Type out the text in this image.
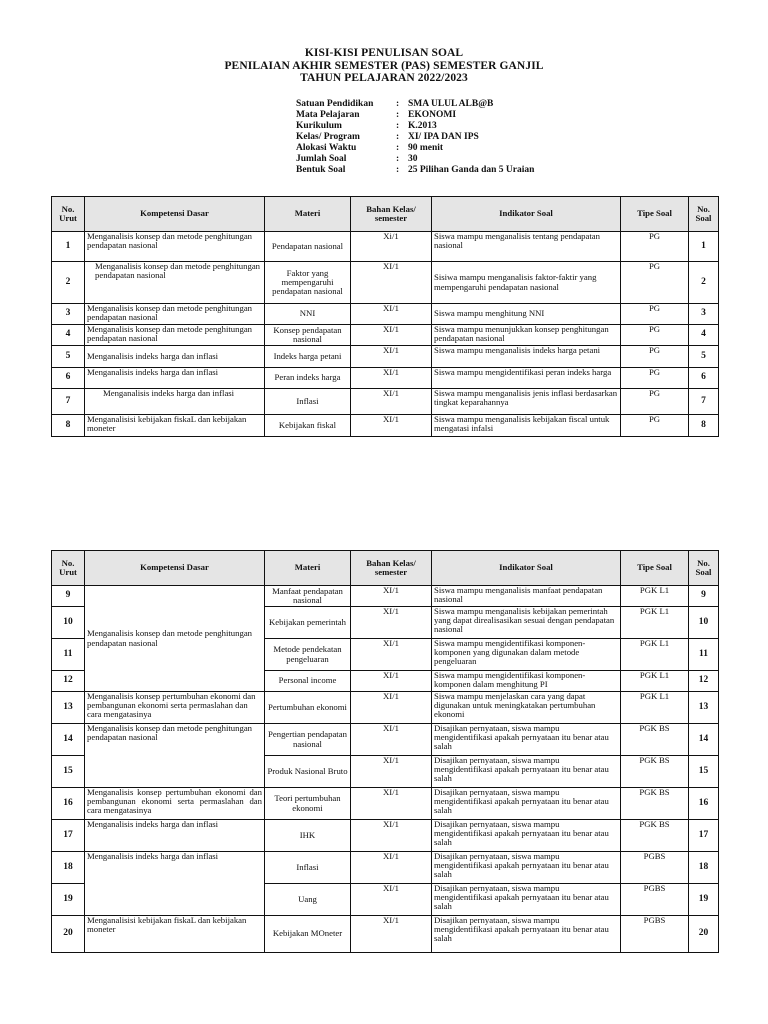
KISI-KISI PENULISAN SOAL
PENILAIAN AKHIR SEMESTER (PAS) SEMESTER GANJIL
TAHUN PELAJARAN 2022/2023
Satuan Pendidikan : SMA ULUL ALB@B
Mata Pelajaran	: EKONOMI
Kurikulum	: K.2013
Kelas/ Program	: XI/ IPA DAN IPS
Alokasi Waktu	: 90 menit
Jumlah Soal	: 30
Bentuk Soal	: 25 Pilihan Ganda dan 5 Uraian
No. Urut	Kompetensi Dasar	Materi	Bahan Kelas/ semester	Indikator Soal	Tipe Soal	No. Soal
1	Menganalisis konsep dan metode penghitungan pendapatan nasional	Pendapatan nasional	Xi/1	Siswa mampu menganalisis tentang pendapatan nasional	PG	1
2	Menganalisis konsep dan metode penghitungan pendapatan nasional	Faktor yang mempengaruhi pendapatan nasional	XI/1	Sisiwa mampu menganalisis faktor-faktir yang mempengaruhi pendapatan nasional	PG	2
3	Menganalisis konsep dan metode penghitungan pendapatan nasional	NNI	XI/1	Siswa mampu menghitung NNI	PG	3
4	Menganalisis konsep dan metode penghitungan pendapatan nasional	Konsep pendapatan nasional	XI/1	Siswa mampu menunjukkan konsep penghitungan pendapatan nasional	PG	4
5	Menganalisis indeks harga dan inflasi	Indeks harga petani	XI/1	Siswa mampu menganalisis indeks harga petani	PG	5
6	Menganalisis indeks harga dan inflasi	Peran indeks harga	XI/1	Siswa mampu mengidentifikasi peran indeks harga	PG	6
7	Menganalisis indeks harga dan inflasi	Inflasi	XI/1	Siswa mampu menganalisis jenis inflasi berdasarkan tingkat keparahannya	PG	7
8	Menganalisisi kebijakan fiskaL dan kebijakan moneter	Kebijakan fiskal	XI/1	Siswa mampu menganalisis kebijakan fiscal untuk mengatasi infalsi	PG	8
No. Urut	Kompetensi Dasar	Materi	Bahan Kelas/ semester	Indikator Soal	Tipe Soal	No. Soal
9	Menganalisis konsep dan metode penghitungan pendapatan nasional	Manfaat pendapatan nasional	XI/1	Siswa mampu menganalisis manfaat pendapatan nasional	PGK L1	9
10		Kebijakan pemerintah	XI/1	Siswa mampu menganalisis kebijakan pemerintah yang dapat direalisasikan sesuai dengan pendapatan nasional	PGK L1	10
11		Metode pendekatan pengeluaran	XI/1	Siswa mampu mengidentifikasi komponen-komponen yang digunakan dalam metode pengeluaran	PGK L1	11
12		Personal income	XI/1	Siswa mampu mengidentifikasi komponen-komponen dalam menghitung PI	PGK L1	12
13	Menganalisis konsep pertumbuhan ekonomi dan pembangunan ekonomi serta permaslahan dan cara mengatasinya	Pertumbuhan ekonomi	XI/1	Siswa mampu menjelaskan cara yang dapat digunakan untuk meningkatakan pertumbuhan ekonomi	PGK L1	13
14	Menganalisis konsep dan metode penghitungan pendapatan nasional	Pengertian pendapatan nasional	XI/1	Disajikan pernyataan, siswa mampu mengidentifikasi apakah pernyataan itu benar atau salah	PGK BS	14
15		Produk Nasional Bruto	XI/1	Disajikan pernyataan, siswa mampu mengidentifikasi apakah pernyataan itu benar atau salah	PGK BS	15
16	Menganalisis konsep pertumbuhan ekonomi dan pembangunan ekonomi serta permaslahan dan cara mengatasinya	Teori pertumbuhan ekonomi	XI/1	Disajikan pernyataan, siswa mampu mengidentifikasi apakah pernyataan itu benar atau salah	PGK BS	16
17	Menganalisis indeks harga dan inflasi	IHK	XI/1	Disajikan pernyataan, siswa mampu mengidentifikasi apakah pernyataan itu benar atau salah	PGK BS	17
18	Menganalisis indeks harga dan inflasi	Inflasi	XI/1	Disajikan pernyataan, siswa mampu mengidentifikasi apakah pernyataan itu benar atau salah	PGBS	18
19		Uang	XI/1	Disajikan pernyataan, siswa mampu mengidentifikasi apakah pernyataan itu benar atau salah	PGBS	19
20	Menganalisisi kebijakan fiskaL dan kebijakan moneter	Kebijakan MOneter	XI/1	Disajikan pernyataan, siswa mampu mengidentifikasi apakah pernyataan itu benar atau salah	PGBS	20
